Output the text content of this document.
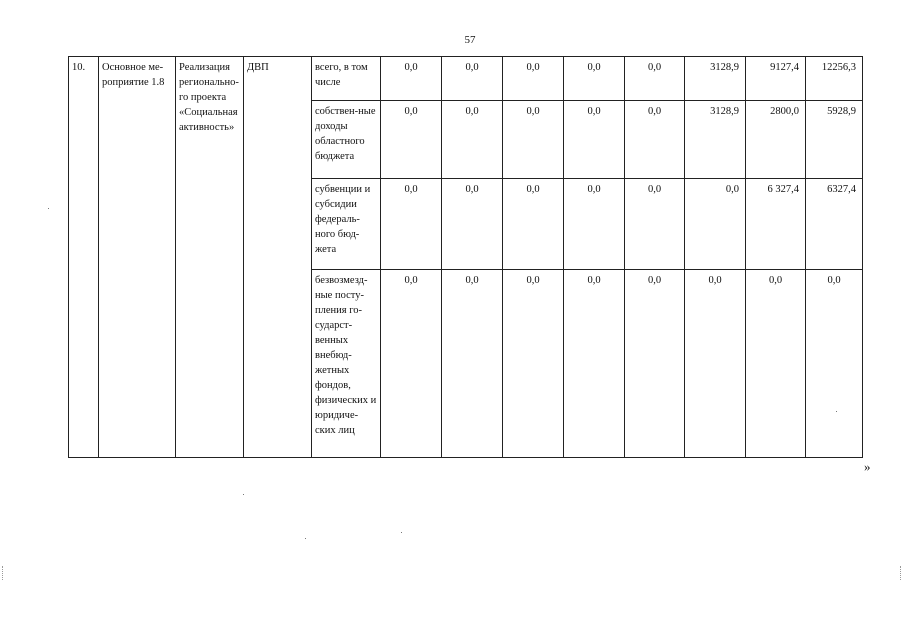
57
10.	Основное ме-роприятие 1.8	Реализация регионально-го проекта «Социальная активность»	ДВП	всего, в том числе	0,0	0,0	0,0	0,0	0,0	3128,9	9127,4	12256,3
				собствен-ные доходы областного бюджета	0,0	0,0	0,0	0,0	0,0	3128,9	2800,0	5928,9
				субвенции и субсидии федераль-ного бюд-жета	0,0	0,0	0,0	0,0	0,0	0,0	6 327,4	6327,4
				безвозмезд-ные посту-пления го-сударст-венных внебюд-жетных фондов, физических и юридиче-ских лиц	0,0	0,0	0,0	0,0	0,0	0,0	0,0	0,0
»
